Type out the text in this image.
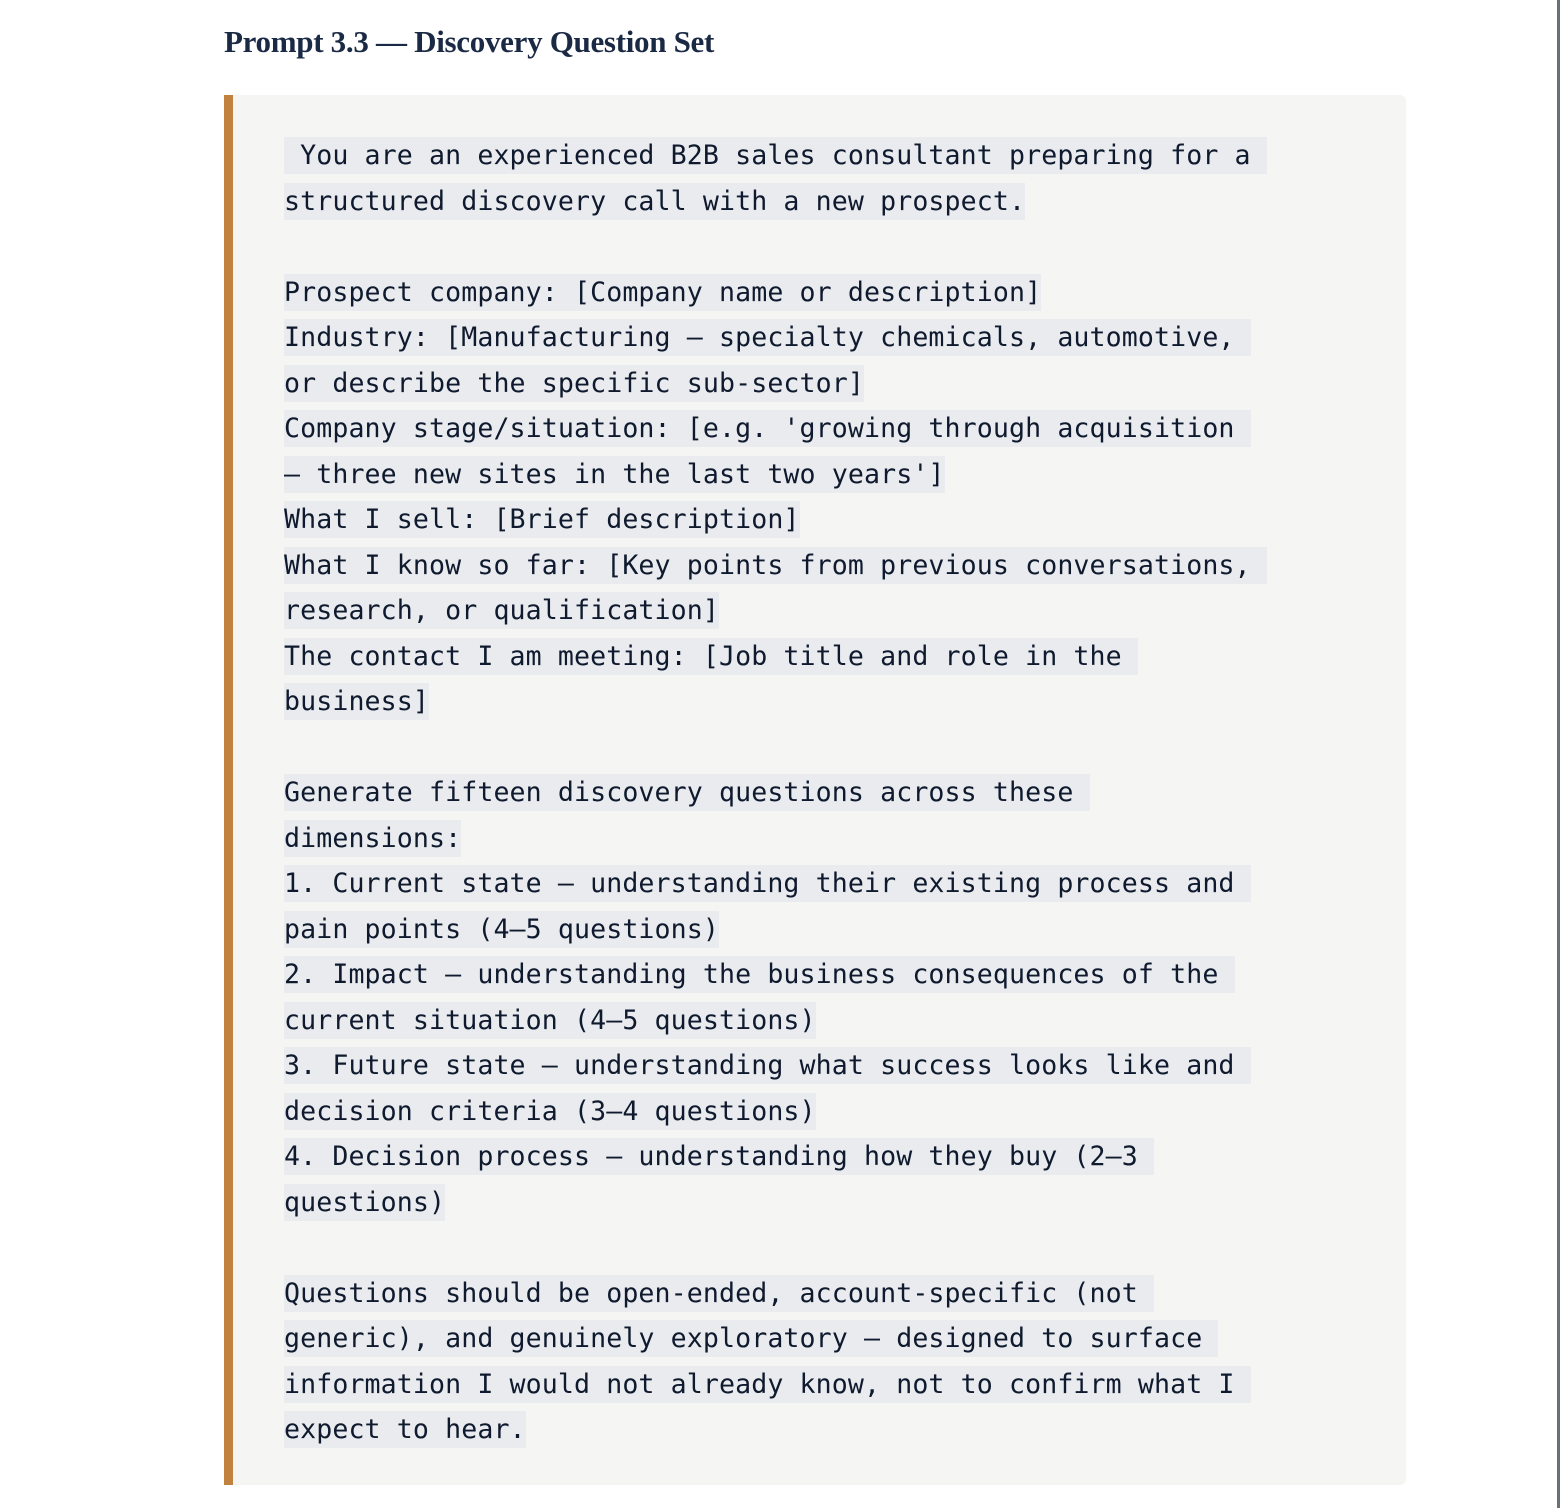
Prompt 3.3 — Discovery Question Set
You are an experienced B2B sales consultant preparing for a
structured discovery call with a new prospect.
Prospect company: [Company name or description]
Industry: [Manufacturing — specialty chemicals, automotive,
or describe the specific sub-sector]
Company stage/situation: [e.g. 'growing through acquisition
— three new sites in the last two years']
What I sell: [Brief description]
What I know so far: [Key points from previous conversations,
research, or qualification]
The contact I am meeting: [Job title and role in the
business]
Generate fifteen discovery questions across these
dimensions:
1. Current state — understanding their existing process and
pain points (4–5 questions)
2. Impact — understanding the business consequences of the
current situation (4–5 questions)
3. Future state — understanding what success looks like and
decision criteria (3–4 questions)
4. Decision process — understanding how they buy (2–3
questions)
Questions should be open-ended, account-specific (not
generic), and genuinely exploratory — designed to surface
information I would not already know, not to confirm what I
expect to hear.
